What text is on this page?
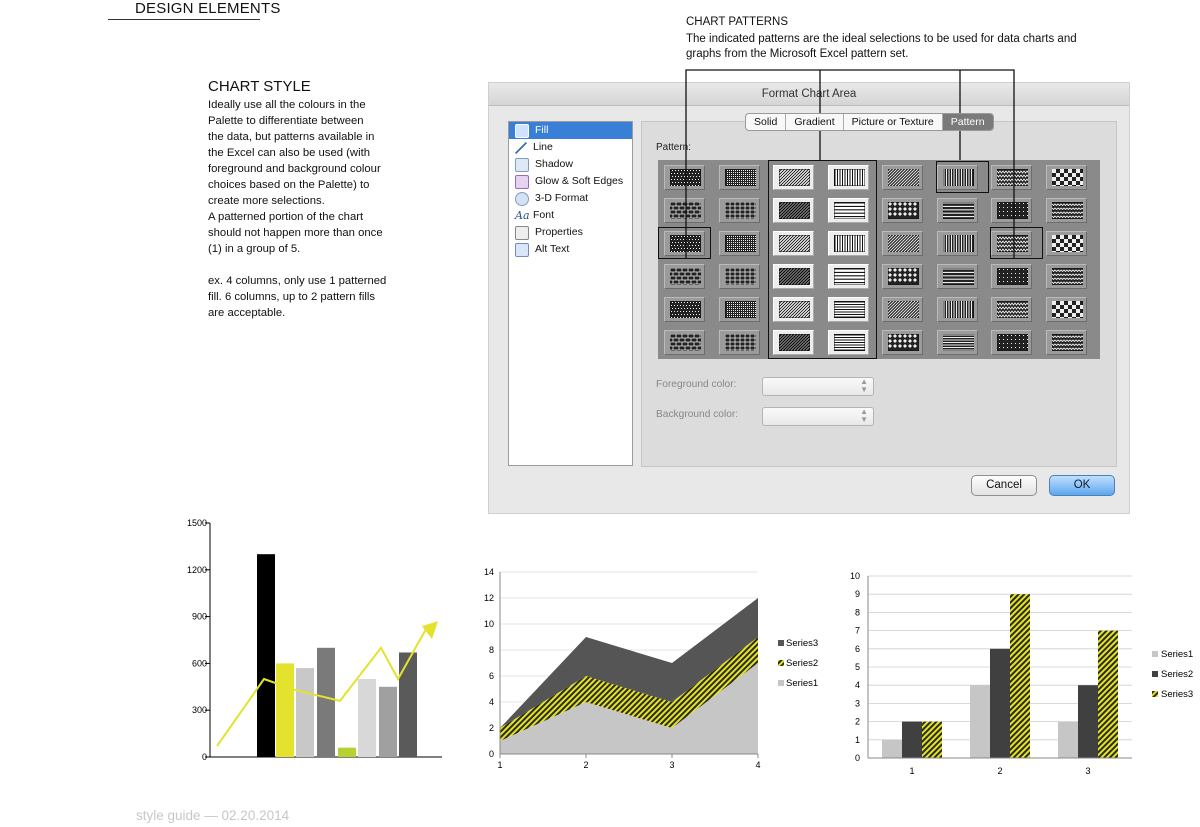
DESIGN ELEMENTS
CHART STYLE
Ideally use all the colours in the
Palette to differentiate between
the data, but patterns available in
the Excel can also be used (with
foreground and background colour
choices based on the Palette) to
create more selections.
A patterned portion of the chart
should not happen more than once
(1) in a group of 5.

ex. 4 columns, only use 1 patterned
fill. 6 columns, up to 2 pattern fills
are acceptable.
CHART PATTERNS
The indicated patterns are the ideal selections to be used for data charts and graphs from the Microsoft Excel pattern set.
Format Chart Area
Fill
Line
Shadow
Glow & Soft Edges
3-D Format
Aa Font
Properties
Alt Text
Solid	Gradient	Picture or Texture	Pattern
Pattern:
Foreground color:	▲
▼
Background color:	▲
▼
Cancel	OK
1500
1200
900
600
300
0	0
2
4
6
8
10
12
14
1	2	3	4
Series3
Series2
Series1
0
1
2
3
4
5
6
7
8
9
10
1	2	3
Series1
Series2
Series3
style guide — 02.20.2014
